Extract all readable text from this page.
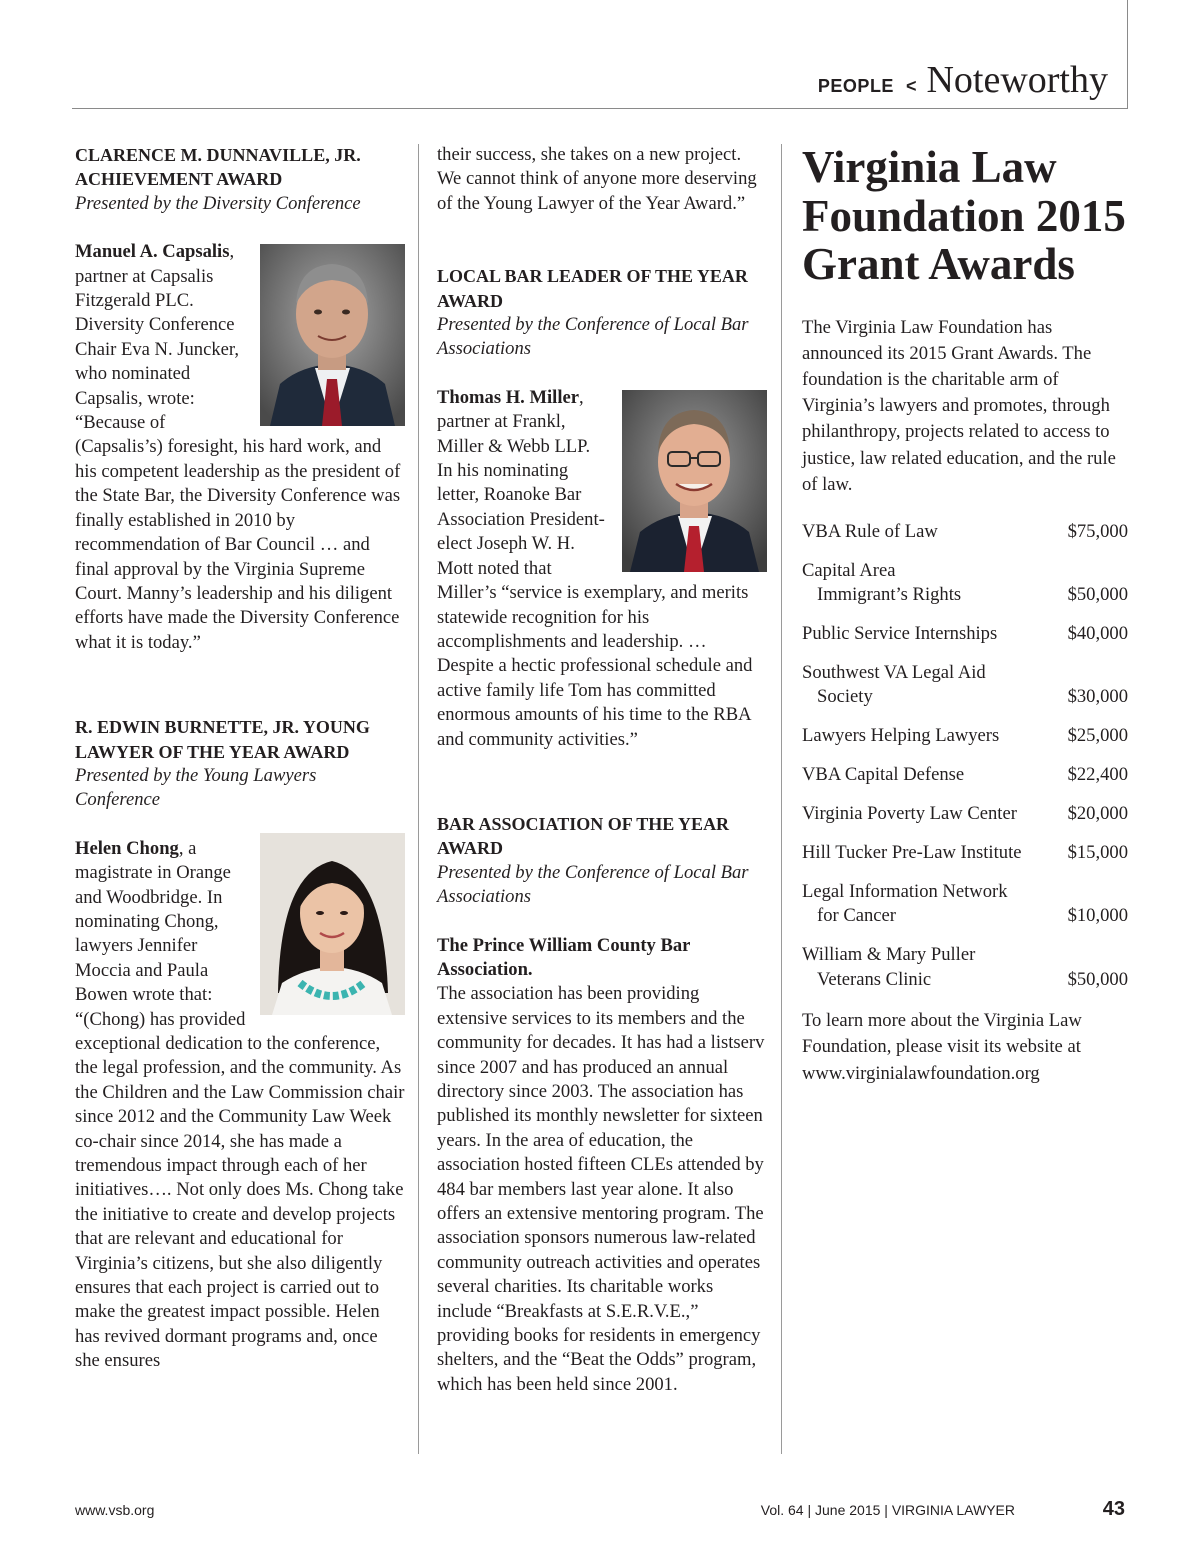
PEOPLE < Noteworthy

CLARENCE M. DUNNAVILLE, JR. ACHIEVEMENT AWARD

Presented by the Diversity Conference

Manuel A. Capsalis, partner at Capsalis Fitzgerald PLC. Diversity Conference Chair Eva N. Juncker, who nominated Capsalis, wrote:

“Because of (Capsalis’s) foresight, his hard work, and his competent leadership as the president of the State Bar, the Diversity Conference was finally established in 2010 by recommendation of Bar Council … and final approval by the Virginia Supreme Court. Manny’s leadership and his diligent efforts have made the Diversity Conference what it is today.”

R. EDWIN BURNETTE, JR. YOUNG LAWYER OF THE YEAR AWARD

Presented by the Young Lawyers Conference

Helen Chong, a magistrate in Orange and Woodbridge. In nominating Chong, lawyers Jennifer Moccia and Paula Bowen wrote that:

“(Chong) has provided exceptional dedication to the conference, the legal profession, and the community. As the Children and the Law Commission chair since 2012 and the Community Law Week co-chair since 2014, she has made a tremendous impact through each of her initiatives…. Not only does Ms. Chong take the initiative to create and develop projects that are relevant and educational for Virginia’s citizens, but she also diligently ensures that each project is carried out to make the greatest impact possible. Helen has revived dormant programs and, once she ensures

their success, she takes on a new project. We cannot think of anyone more deserving of the Young Lawyer of the Year Award.”

LOCAL BAR LEADER OF THE YEAR AWARD

Presented by the Conference of Local Bar Associations

Thomas H. Miller, partner at Frankl, Miller & Webb LLP. In his nominating letter, Roanoke Bar Association President-elect Joseph W. H. Mott noted that Miller’s “service is exemplary, and merits statewide recognition for his accomplishments and leadership. … Despite a hectic professional schedule and active family life Tom has committed enormous amounts of his time to the RBA and community activities.”

BAR ASSOCIATION OF THE YEAR AWARD

Presented by the Conference of Local Bar Associations

The Prince William County Bar Association.

The association has been providing extensive services to its members and the community for decades. It has had a listserv since 2007 and has produced an annual directory since 2003. The association has published its monthly newsletter for sixteen years. In the area of education, the association hosted fifteen CLEs attended by 484 bar members last year alone. It also offers an extensive mentoring program. The association sponsors numerous law-related community outreach activities and operates several charities. Its charitable works include “Breakfasts at S.E.R.V.E.,” providing books for residents in emergency shelters, and the “Beat the Odds” program, which has been held since 2001.

Virginia Law Foundation 2015 Grant Awards

The Virginia Law Foundation has announced its 2015 Grant Awards. The foundation is the charitable arm of Virginia’s lawyers and promotes, through philanthropy, projects related to access to justice, law related education, and the rule of law.

VBA Rule of Law	$75,000
Capital Area
Immigrant’s Rights	$50,000
Public Service Internships	$40,000
Southwest VA Legal Aid
Society	$30,000
Lawyers Helping Lawyers	$25,000
VBA Capital Defense	$22,400
Virginia Poverty Law Center	$20,000
Hill Tucker Pre-Law Institute	$15,000
Legal Information Network
for Cancer	$10,000
William & Mary Puller
Veterans Clinic	$50,000

To learn more about the Virginia Law Foundation, please visit its website at www.virginialawfoundation.org

www.vsb.org	Vol. 64 | June 2015 | VIRGINIA LAWYER	43
